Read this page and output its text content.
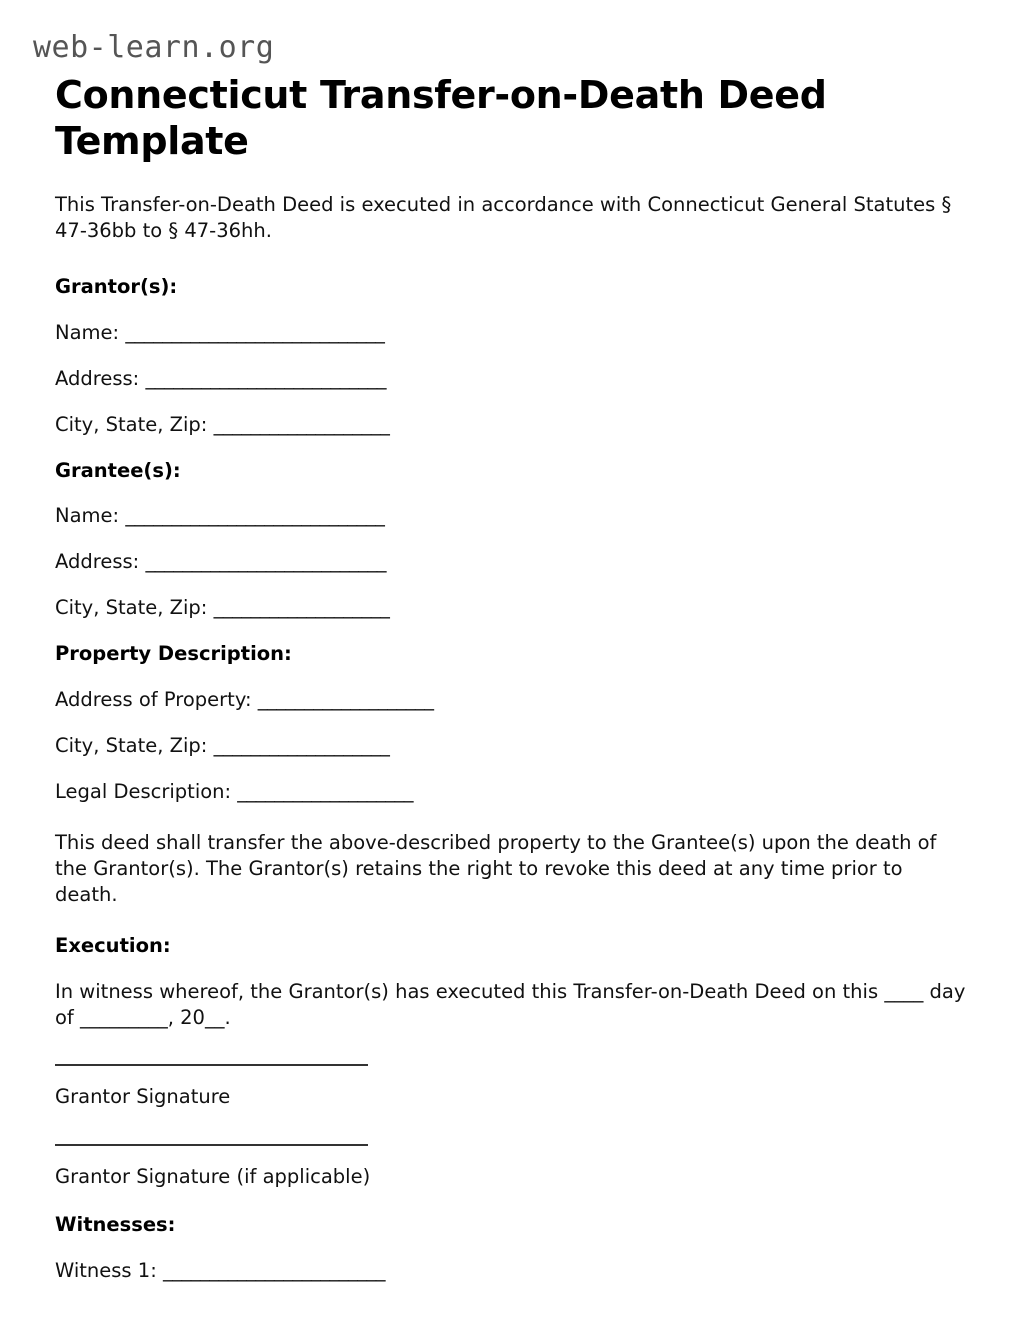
web-learn.org
Connecticut Transfer-on-Death Deed Template

This Transfer-on-Death Deed is executed in accordance with Connecticut General Statutes § 47-36bb to § 47-36hh.

Grantor(s):
Name: ____________________________
Address: __________________________
City, State, Zip: ___________________
Grantee(s):
Name: ____________________________
Address: __________________________
City, State, Zip: ___________________
Property Description:
Address of Property: ___________________
City, State, Zip: ___________________
Legal Description: ___________________

This deed shall transfer the above-described property to the Grantee(s) upon the death of the Grantor(s). The Grantor(s) retains the right to revoke this deed at any time prior to death.

Execution:

In witness whereof, the Grantor(s) has executed this Transfer-on-Death Deed on this ____ day of _________, 20__.

Grantor Signature
Grantor Signature (if applicable)
Witnesses:
Witness 1: ________________________
